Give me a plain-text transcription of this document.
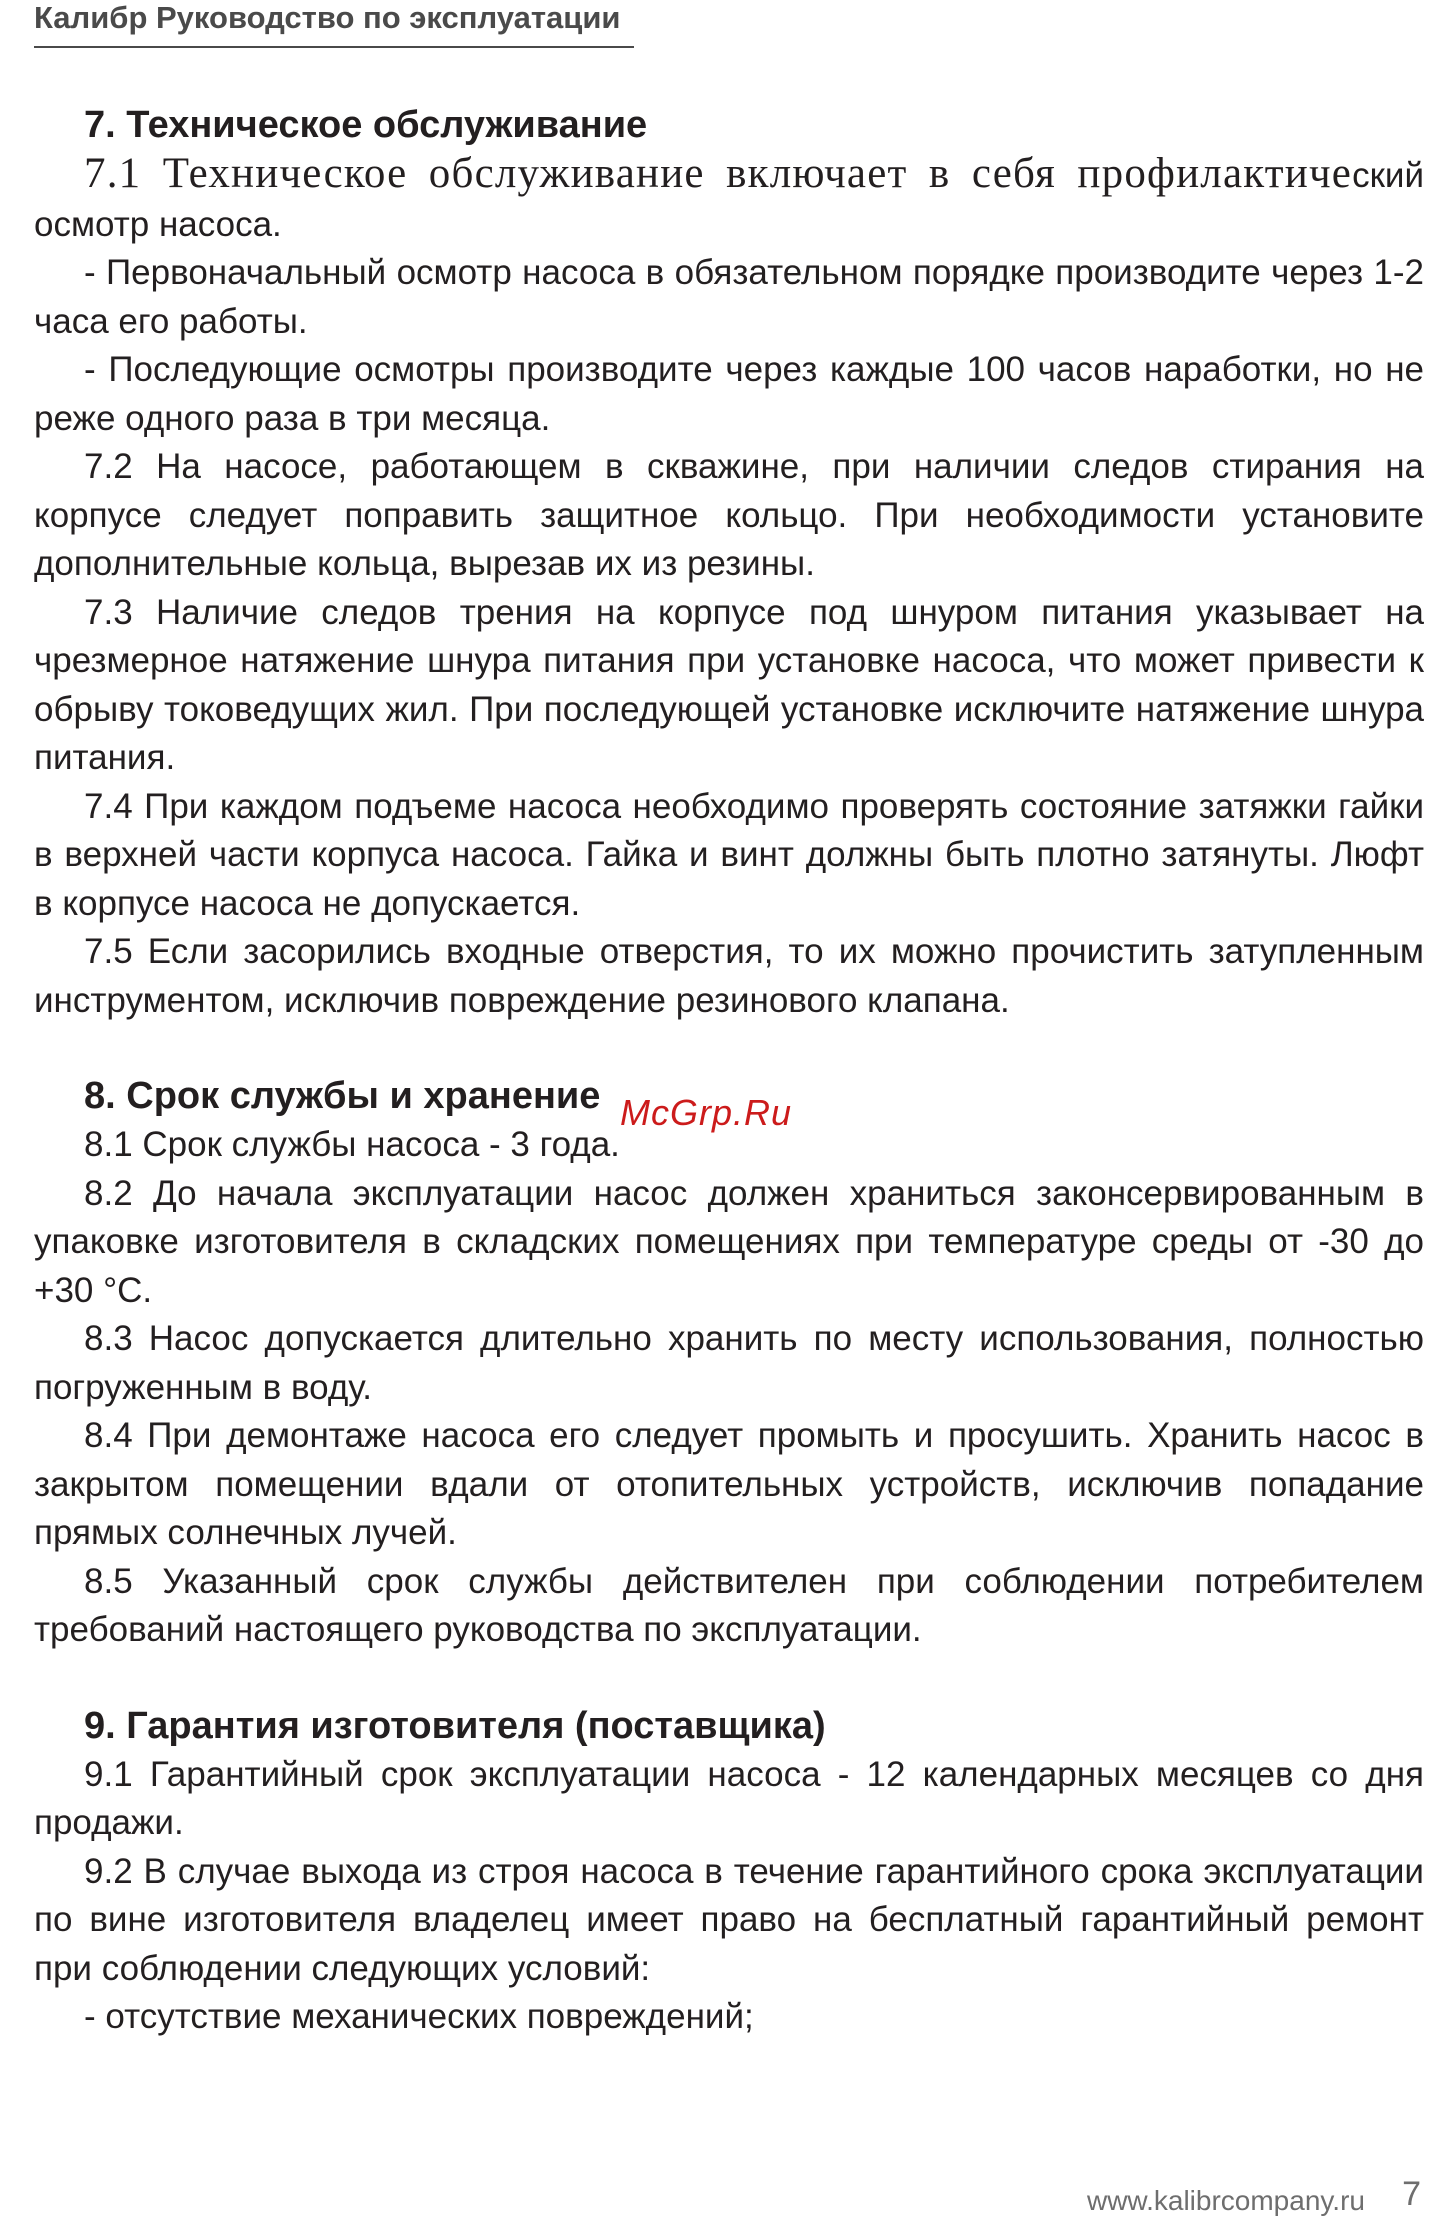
Калибр Руководство по эксплуатации
7. Техническое обслуживание

7.1 Техническое обслуживание включает в себя профилактический осмотр насоса.

- Первоначальный осмотр насоса в обязательном порядке производите через 1-2 часа его работы.

- Последующие осмотры производите через каждые 100 часов наработки, но не реже одного раза в три месяца.

7.2 На насосе, работающем в скважине, при наличии следов стирания на корпусе следует поправить защитное кольцо. При необходимости установите дополнительные кольца, вырезав их из резины.

7.3 Наличие следов трения на корпусе под шнуром питания указывает на чрезмерное натяжение шнура питания при установке насоса, что может привести к обрыву токоведущих жил. При последующей установке исключите натяжение шнура питания.

7.4 При каждом подъеме насоса необходимо проверять состояние затяжки гайки в верхней части корпуса насоса. Гайка и винт должны быть плотно затянуты. Люфт в корпусе насоса не допускается.

7.5 Если засорились входные отверстия, то их можно прочистить затупленным инструментом, исключив повреждение резинового клапана.

8. Срок службы и хранение

8.1 Срок службы насоса - 3 года.

8.2 До начала эксплуатации насос должен храниться законсервированным в упаковке изготовителя в складских помещениях при температуре среды от -30 до +30 °С.

8.3 Насос допускается длительно хранить по месту использования, полностью погруженным в воду.

8.4 При демонтаже насоса его следует промыть и просушить. Хранить насос в закрытом помещении вдали от отопительных устройств, исключив попадание прямых солнечных лучей.

8.5 Указанный срок службы действителен при соблюдении потребителем требований настоящего руководства по эксплуатации.

9. Гарантия изготовителя (поставщика)

9.1 Гарантийный срок эксплуатации насоса - 12 календарных месяцев со дня продажи.

9.2 В случае выхода из строя насоса в течение гарантийного срока эксплуатации по вине изготовителя владелец имеет право на бесплатный гарантийный ремонт при соблюдении следующих условий:

- отсутствие механических повреждений;

McGrp.Ru
www.kalibrcompany.ru 7
